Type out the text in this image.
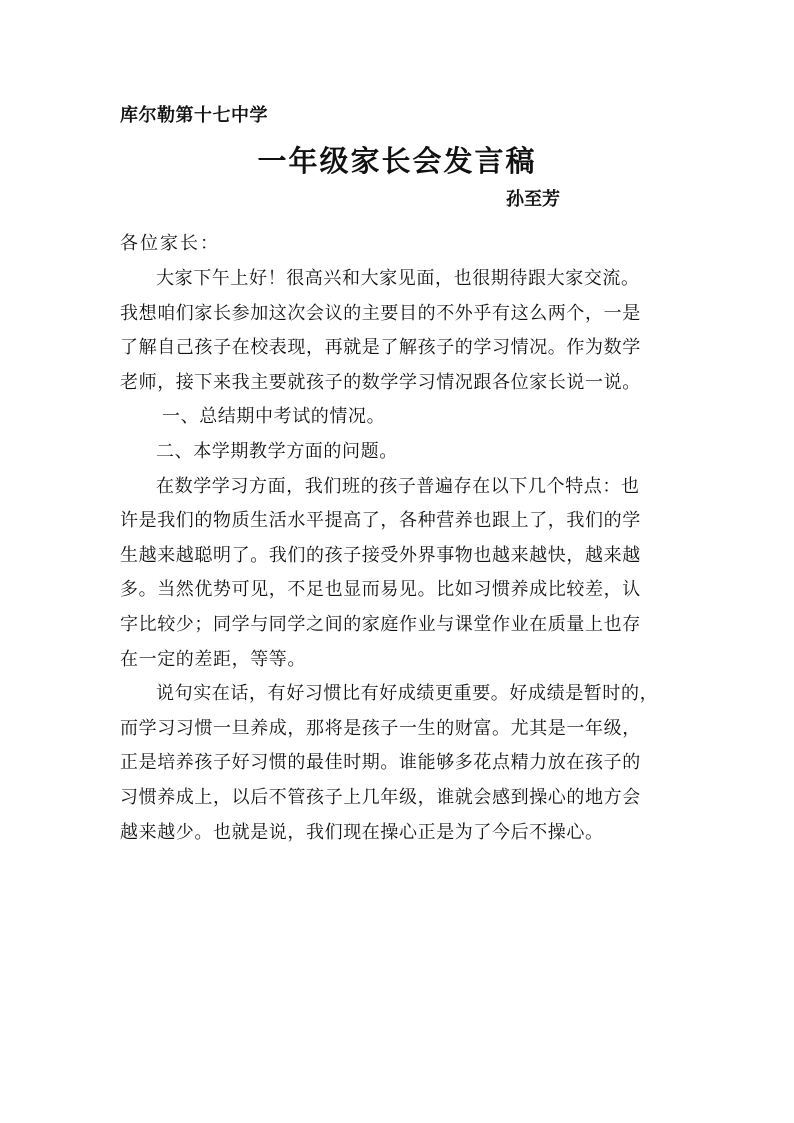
库尔勒第十七中学
一年级家长会发言稿
孙至芳
各位家长：

大家下午上好！很高兴和大家见面，也很期待跟大家交流。
我想咱们家长参加这次会议的主要目的不外乎有这么两个，一是
了解自己孩子在校表现，再就是了解孩子的学习情况。作为数学
老师，接下来我主要就孩子的数学学习情况跟各位家长说一说。

一、总结期中考试的情况。

二、本学期教学方面的问题。

在数学学习方面，我们班的孩子普遍存在以下几个特点：也
许是我们的物质生活水平提高了，各种营养也跟上了，我们的学
生越来越聪明了。我们的孩子接受外界事物也越来越快，越来越
多。当然优势可见，不足也显而易见。比如习惯养成比较差，认
字比较少；同学与同学之间的家庭作业与课堂作业在质量上也存
在一定的差距，等等。

说句实在话，有好习惯比有好成绩更重要。好成绩是暂时的，
而学习习惯一旦养成，那将是孩子一生的财富。尤其是一年级，
正是培养孩子好习惯的最佳时期。谁能够多花点精力放在孩子的
习惯养成上，以后不管孩子上几年级，谁就会感到操心的地方会
越来越少。也就是说，我们现在操心正是为了今后不操心。
